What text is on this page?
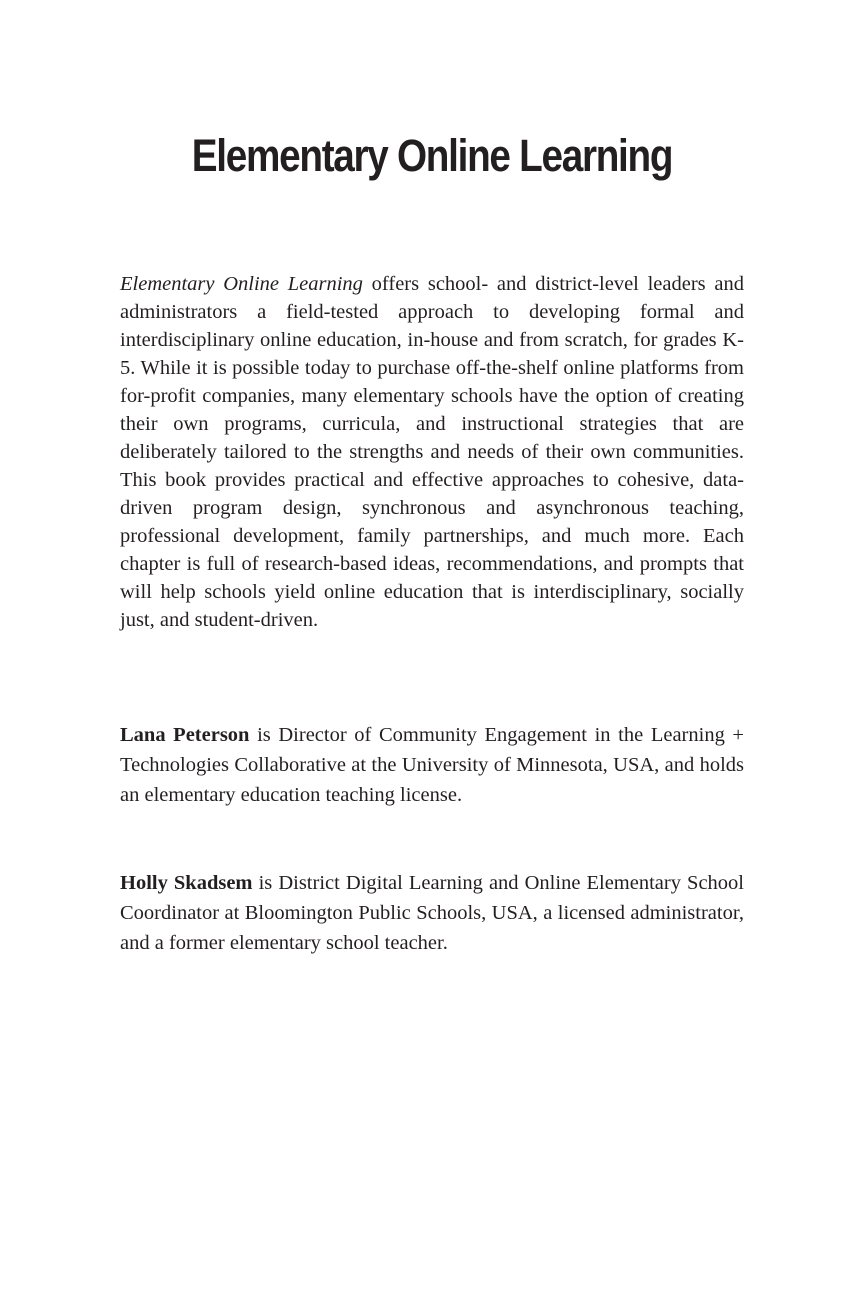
Elementary Online Learning

Elementary Online Learning offers school- and district-level leaders and administrators a field-tested approach to developing formal and interdisciplinary online education, in-house and from scratch, for grades K-5. While it is possible today to purchase off-the-shelf online platforms from for-profit companies, many elementary schools have the option of creating their own programs, curricula, and instructional strategies that are deliberately tailored to the strengths and needs of their own communities. This book provides practical and effective approaches to cohesive, data-driven program design, synchronous and asynchronous teaching, professional development, family partnerships, and much more. Each chapter is full of research-based ideas, recommendations, and prompts that will help schools yield online education that is interdisciplinary, socially just, and student-driven.

Lana Peterson is Director of Community Engagement in the Learning + Technologies Collaborative at the University of Minnesota, USA, and holds an elementary education teaching license.

Holly Skadsem is District Digital Learning and Online Elementary School Coordinator at Bloomington Public Schools, USA, a licensed administrator, and a former elementary school teacher.
